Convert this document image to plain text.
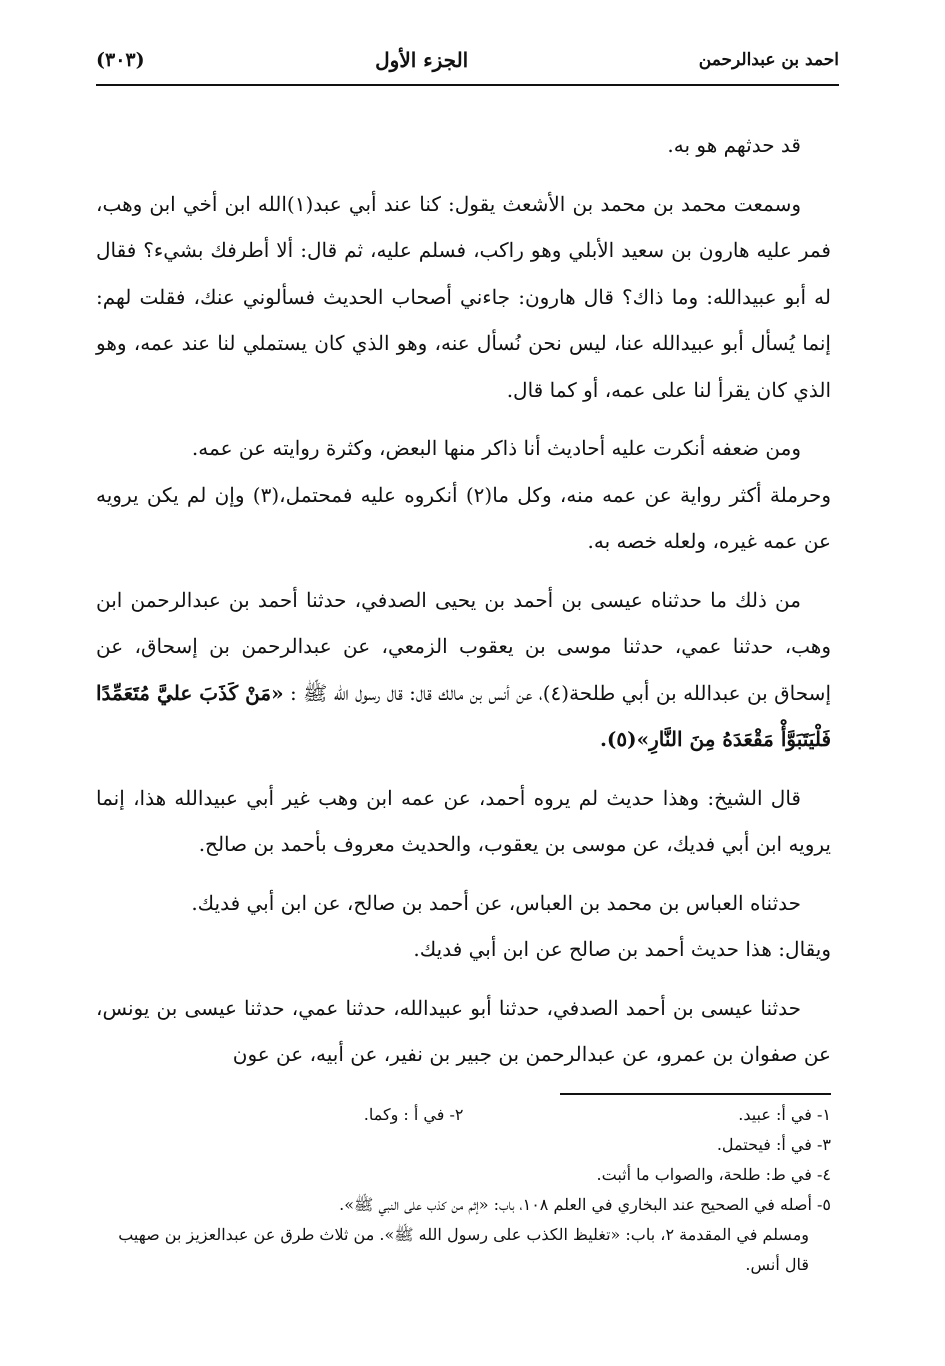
احمد بن عبدالرحمن
الجزء الأول
(٣٠٣)

قد حدثهم هو به.

وسمعت محمد بن محمد بن الأشعث يقول: كنا عند أبي عبد(١)الله ابن أخي ابن وهب، فمر عليه هارون بن سعيد الأبلي وهو راكب، فسلم عليه، ثم قال: ألا أطرفك بشيء؟ فقال له أبو عبيدالله: وما ذاك؟ قال هارون: جاءني أصحاب الحديث فسألوني عنك، فقلت لهم: إنما يُسأل أبو عبيدالله عنا، ليس نحن نُسأل عنه، وهو الذي كان يستملي لنا عند عمه، وهو الذي كان يقرأ لنا على عمه، أو كما قال.

ومن ضعفه أنكرت عليه أحاديث أنا ذاكر منها البعض، وكثرة روايته عن عمه.

وحرملة أكثر رواية عن عمه منه، وكل ما(٢) أنكروه عليه فمحتمل،(٣) وإن لم يكن يرويه عن عمه غيره، ولعله خصه به.

من ذلك ما حدثناه عيسى بن أحمد بن يحيى الصدفي، حدثنا أحمد بن عبدالرحمن ابن وهب، حدثنا عمي، حدثنا موسى بن يعقوب الزمعي، عن عبدالرحمن بن إسحاق، عن إسحاق بن عبدالله بن أبي طلحة(٤)، عن أنس بن مالك قال: قال رسول الله ﷺ : «مَنْ كَذَبَ عليَّ مُتَعَمِّدًا فَلْيَتَبَوَّأْ مَقْعَدَهُ مِنَ النَّارِ»(٥).

قال الشيخ: وهذا حديث لم يروه أحمد، عن عمه ابن وهب غير أبي عبيدالله هذا، إنما يرويه ابن أبي فديك، عن موسى بن يعقوب، والحديث معروف بأحمد بن صالح.

حدثناه العباس بن محمد بن العباس، عن أحمد بن صالح، عن ابن أبي فديك.

ويقال: هذا حديث أحمد بن صالح عن ابن أبي فديك.

حدثنا عيسى بن أحمد الصدفي، حدثنا أبو عبيدالله، حدثنا عمي، حدثنا عيسى بن يونس، عن صفوان بن عمرو، عن عبدالرحمن بن جبير بن نفير، عن أبيه، عن عون

١- في أ: عبيد.

٢- في أ : وكما.

٣- في أ: فيحتمل.

٤- في ط: طلحة، والصواب ما أثبت.

٥- أصله في الصحيح عند البخاري في العلم ١٠٨، باب: «إثم من كذب على النبي ﷺ».

ومسلم في المقدمة ٢، باب: «تغليظ الكذب على رسول الله ﷺ». من ثلاث طرق عن عبدالعزيز بن صهيب قال أنس.
